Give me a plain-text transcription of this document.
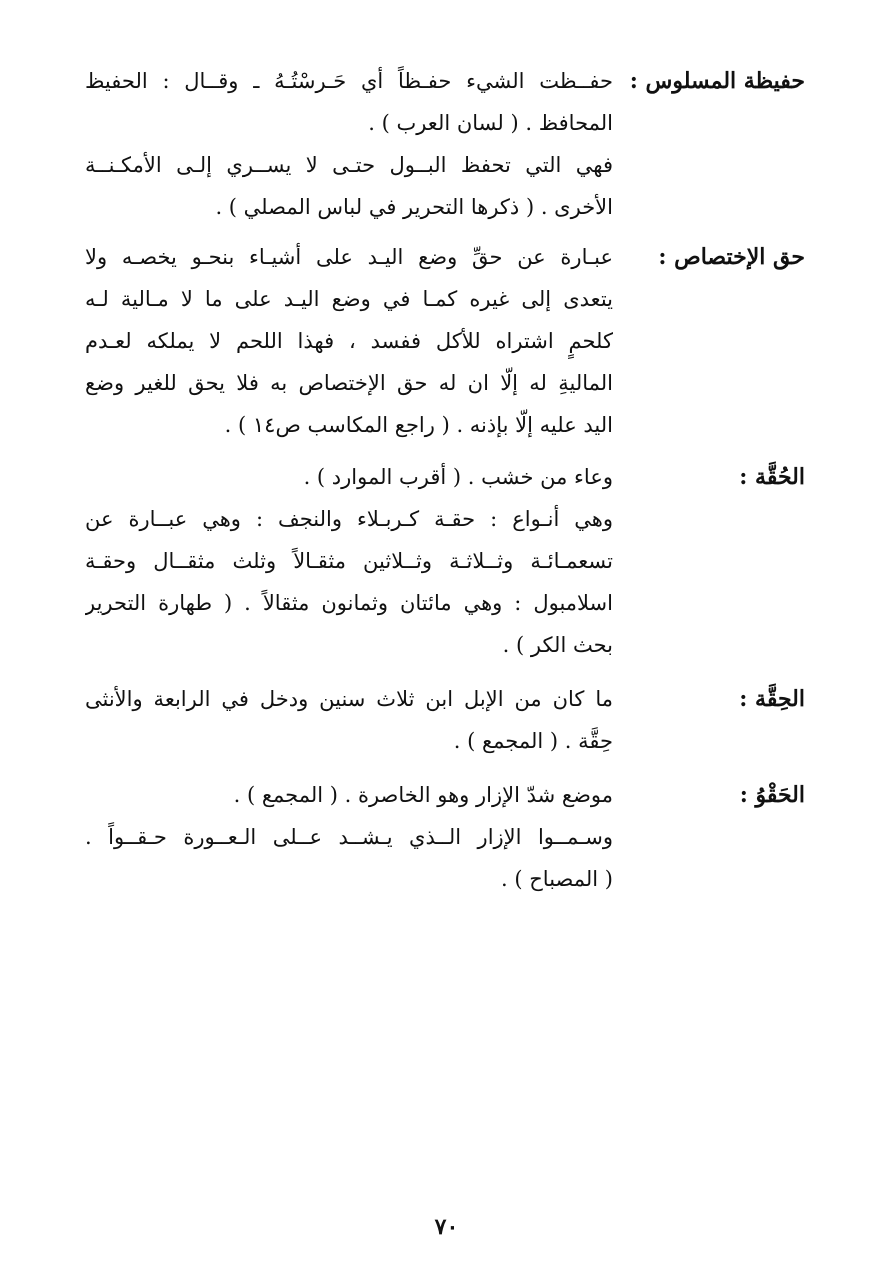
حفيظة المسلوس :
حفــظت الشيء حفـظاً أي حَـرسْتُـهُ ـ وقــال : الحفيظ
المحافظ . ( لسان العرب ) .
فهي التي تحفظ البــول حتـى لا يســري إلـى الأمكـنــة
الأخرى . ( ذكرها التحرير في لباس المصلي ) .
حق الإختصاص :
عبـارة عن حقِّ وضع اليـد على أشيـاء بنحـو يخصـه ولا
يتعدى إلى غيره كمـا في وضع اليـد على ما لا مـالية لـه
كلحمٍ اشتراه للأكل ففسد ، فهذا اللحم لا يملكه لعـدم
الماليةِ له إلّا ان له حق الإختصاص به فلا يحق للغير وضع
اليد عليه إلّا بإذنه . ( راجع المكاسب ص١٤ ) .
الحُقَّة :
وعاء من خشب . ( أقرب الموارد ) .
وهي أنـواع : حقـة كـربـلاء والنجف : وهي عبــارة عن
تسعمـائـة وثــلاثـة وثــلاثين مثقـالاً وثلث مثقــال وحقـة
اسلامبول : وهي مائتان وثمانون مثقالاً . ( طهارة التحرير
بحث الكر ) .
الحِقَّة :
ما كان من الإبل ابن ثلاث سنين ودخل في الرابعة والأنثى
حِقَّة . ( المجمع ) .
الحَقْوُ :
موضع شدّ الإزار وهو الخاصرة . ( المجمع ) .
وسـمــوا الإزار الــذي يـشــد عــلى الـعــورة حـقــواً .
( المصباح ) .
٧٠
